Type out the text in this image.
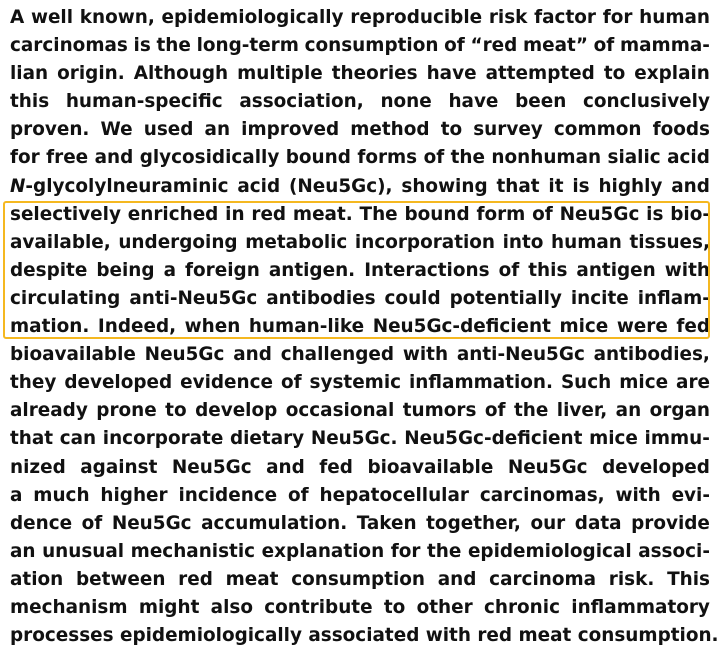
A well known, epidemiologically reproducible risk factor for human
carcinomas is the long-term consumption of “red meat” of mamma-
lian origin. Although multiple theories have attempted to explain
this human-specific association, none have been conclusively
proven. We used an improved method to survey common foods
for free and glycosidically bound forms of the nonhuman sialic acid
N-glycolylneuraminic acid (Neu5Gc), showing that it is highly and
selectively enriched in red meat. The bound form of Neu5Gc is bio-
available, undergoing metabolic incorporation into human tissues,
despite being a foreign antigen. Interactions of this antigen with
circulating anti-Neu5Gc antibodies could potentially incite inflam-
mation. Indeed, when human-like Neu5Gc-deficient mice were fed
bioavailable Neu5Gc and challenged with anti-Neu5Gc antibodies,
they developed evidence of systemic inflammation. Such mice are
already prone to develop occasional tumors of the liver, an organ
that can incorporate dietary Neu5Gc. Neu5Gc-deficient mice immu-
nized against Neu5Gc and fed bioavailable Neu5Gc developed
a much higher incidence of hepatocellular carcinomas, with evi-
dence of Neu5Gc accumulation. Taken together, our data provide
an unusual mechanistic explanation for the epidemiological associ-
ation between red meat consumption and carcinoma risk. This
mechanism might also contribute to other chronic inflammatory
processes epidemiologically associated with red meat consumption.
